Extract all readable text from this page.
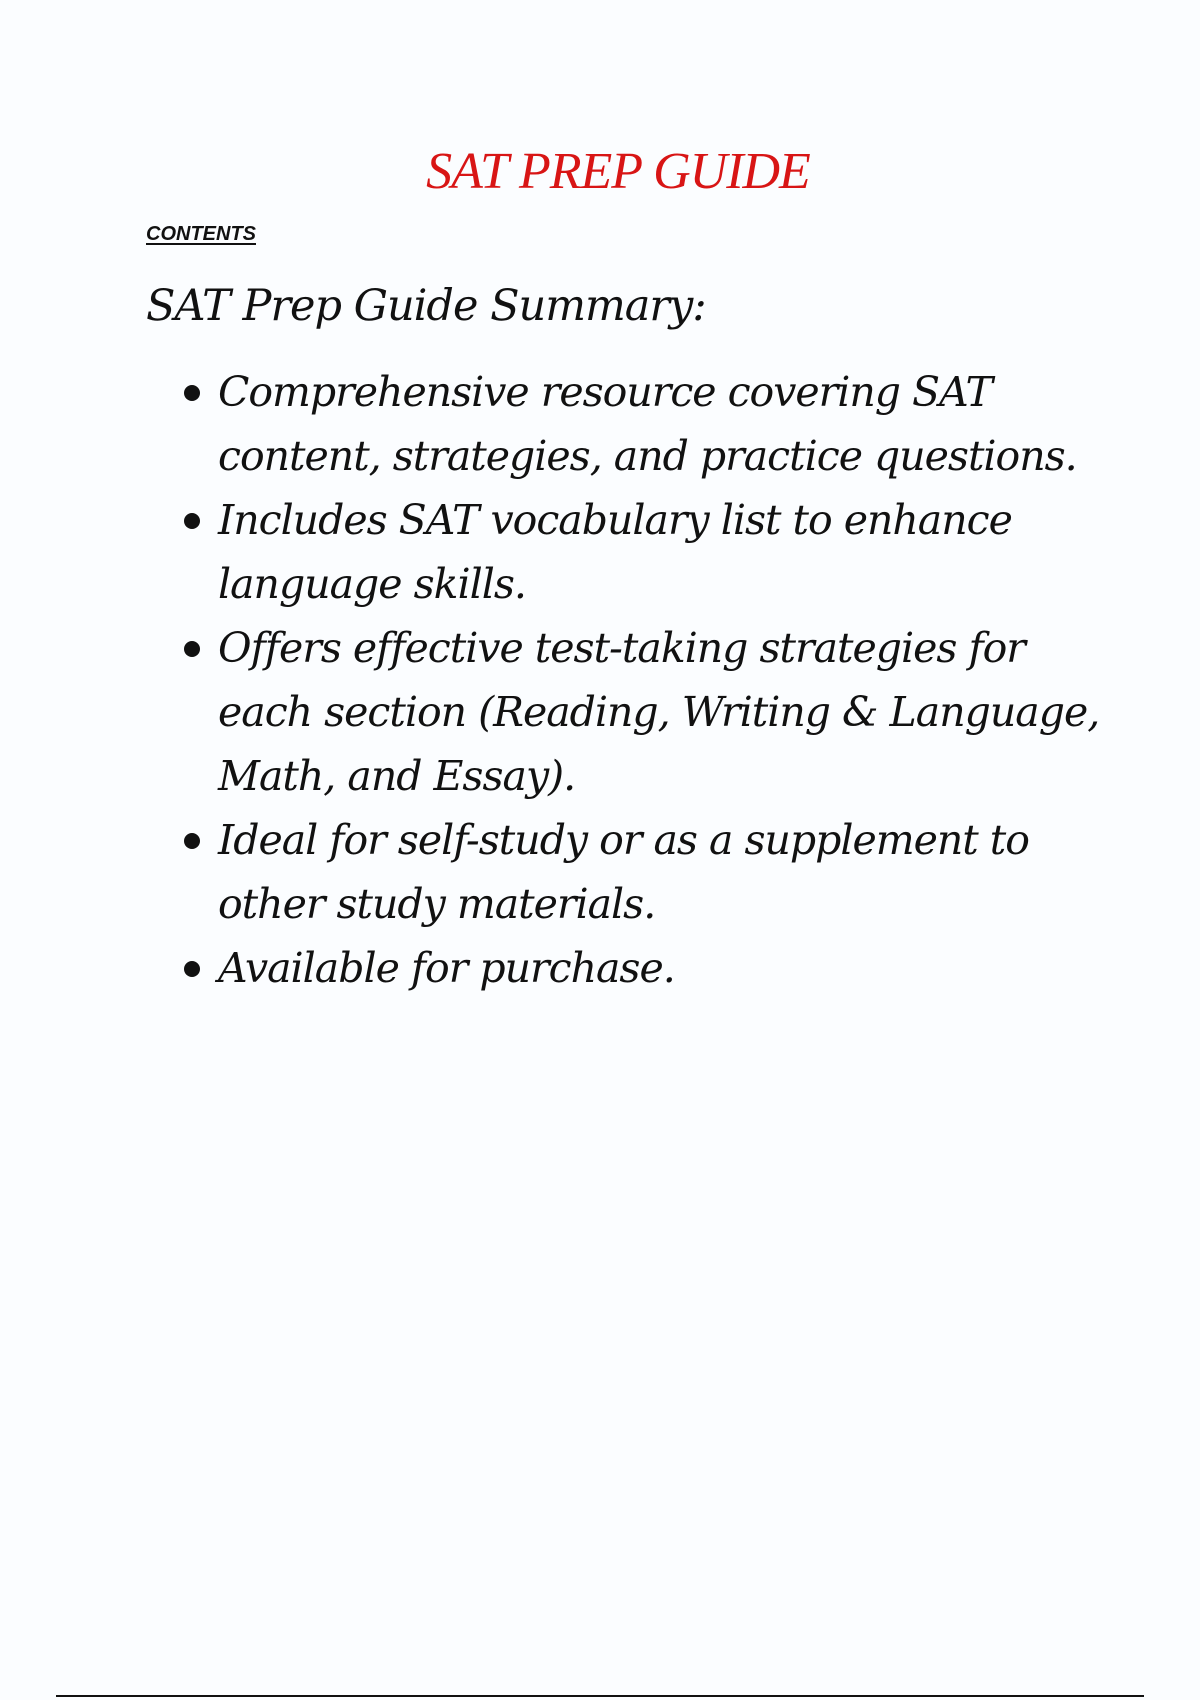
SAT PREP GUIDE
CONTENTS
SAT Prep Guide Summary:
Comprehensive resource covering SAT content, strategies, and practice questions.
Includes SAT vocabulary list to enhance language skills.
Offers effective test-taking strategies for each section (Reading, Writing & Language, Math, and Essay).
Ideal for self-study or as a supplement to other study materials.
Available for purchase.
